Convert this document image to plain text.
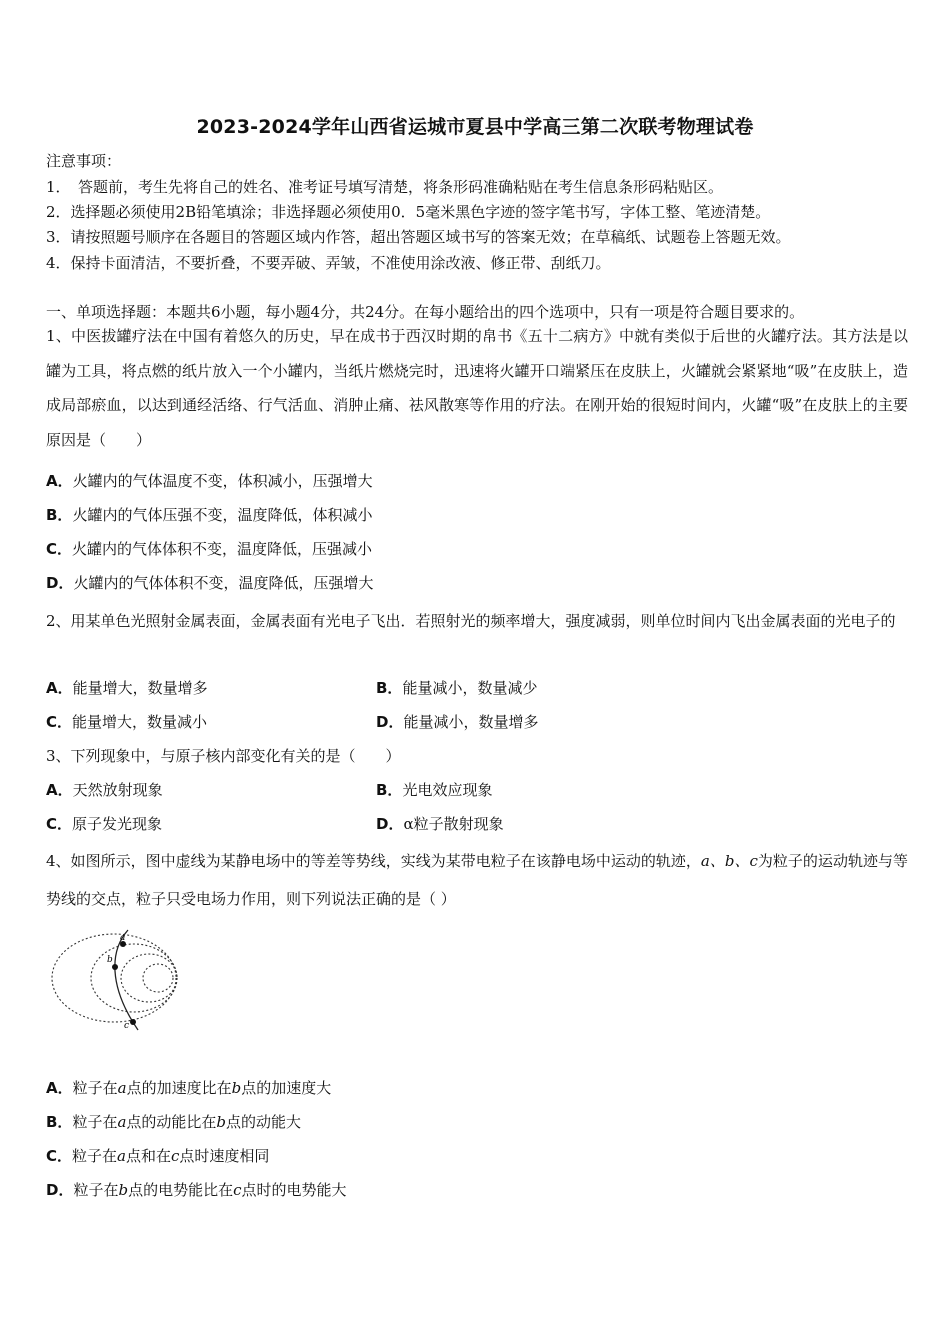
2023-2024学年山西省运城市夏县中学高三第二次联考物理试卷
注意事项：
1．　答题前，考生先将自己的姓名、准考证号填写清楚，将条形码准确粘贴在考生信息条形码粘贴区。
2．选择题必须使用2B铅笔填涂；非选择题必须使用0．5毫米黑色字迹的签字笔书写，字体工整、笔迹清楚。
3．请按照题号顺序在各题目的答题区域内作答，超出答题区域书写的答案无效；在草稿纸、试题卷上答题无效。
4．保持卡面清洁，不要折叠，不要弄破、弄皱，不准使用涂改液、修正带、刮纸刀。
一、单项选择题：本题共6小题，每小题4分，共24分。在每小题给出的四个选项中，只有一项是符合题目要求的。
1、中医拔罐疗法在中国有着悠久的历史，早在成书于西汉时期的帛书《五十二病方》中就有类似于后世的火罐疗法。其方法是以罐为工具，将点燃的纸片放入一个小罐内，当纸片燃烧完时，迅速将火罐开口端紧压在皮肤上，火罐就会紧紧地“吸”在皮肤上，造成局部瘀血，以达到通经活络、行气活血、消肿止痛、祛风散寒等作用的疗法。在刚开始的很短时间内，火罐“吸”在皮肤上的主要原因是（　　）
A．火罐内的气体温度不变，体积减小，压强增大
B．火罐内的气体压强不变，温度降低，体积减小
C．火罐内的气体体积不变，温度降低，压强减小
D．火罐内的气体体积不变，温度降低，压强增大
2、用某单色光照射金属表面，金属表面有光电子飞出．若照射光的频率增大，强度减弱，则单位时间内飞出金属表面的光电子的
A．能量增大，数量增多	B．能量减小，数量减少
C．能量增大，数量减小	D．能量减小，数量增多
3、下列现象中，与原子核内部变化有关的是（　　）
A．天然放射现象	B．光电效应现象
C．原子发光现象	D．α粒子散射现象
4、如图所示，图中虚线为某静电场中的等差等势线，实线为某带电粒子在该静电场中运动的轨迹，a、b、c为粒子的运动轨迹与等势线的交点，粒子只受电场力作用，则下列说法正确的是（ ）
a
b
c
A．粒子在a点的加速度比在b点的加速度大
B．粒子在a点的动能比在b点的动能大
C．粒子在a点和在c点时速度相同
D．粒子在b点的电势能比在c点时的电势能大
